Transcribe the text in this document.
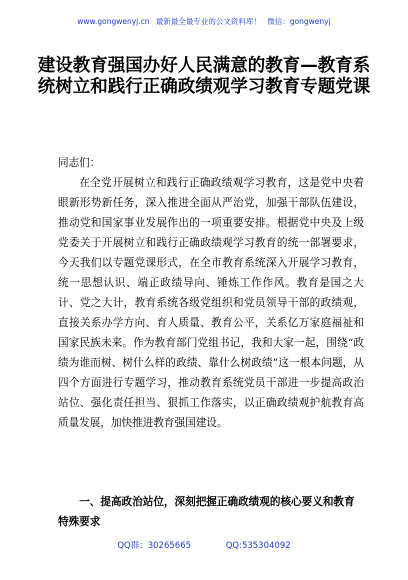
www.gongwenyj.cn 最新最全最专业的公文资料库！ 微信：gongwenyj
建设教育强国办好人民满意的教育—教育系统树立和践行正确政绩观学习教育专题党课

同志们：

在全党开展树立和践行正确政绩观学习教育，这是党中央着眼新形势新任务，深入推进全面从严治党，加强干部队伍建设，推动党和国家事业发展作出的一项重要安排。根据党中央及上级党委关于开展树立和践行正确政绩观学习教育的统一部署要求，今天我们以专题党课形式，在全市教育系统深入开展学习教育，统一思想认识、端正政绩导向、锤炼工作作风。教育是国之大计、党之大计，教育系统各级党组织和党员领导干部的政绩观，直接关系办学方向、育人质量、教育公平，关系亿万家庭福祉和国家民族未来。作为教育部门党组书记，我和大家一起，围绕“政绩为谁而树、树什么样的政绩、靠什么树政绩”这一根本问题，从四个方面进行专题学习，推动教育系统党员干部进一步提高政治站位、强化责任担当、狠抓工作落实，以正确政绩观护航教育高质量发展，加快推进教育强国建设。

一、提高政治站位，深刻把握正确政绩观的核心要义和教育特殊要求
QQ群：30265665	QQ:535304092
